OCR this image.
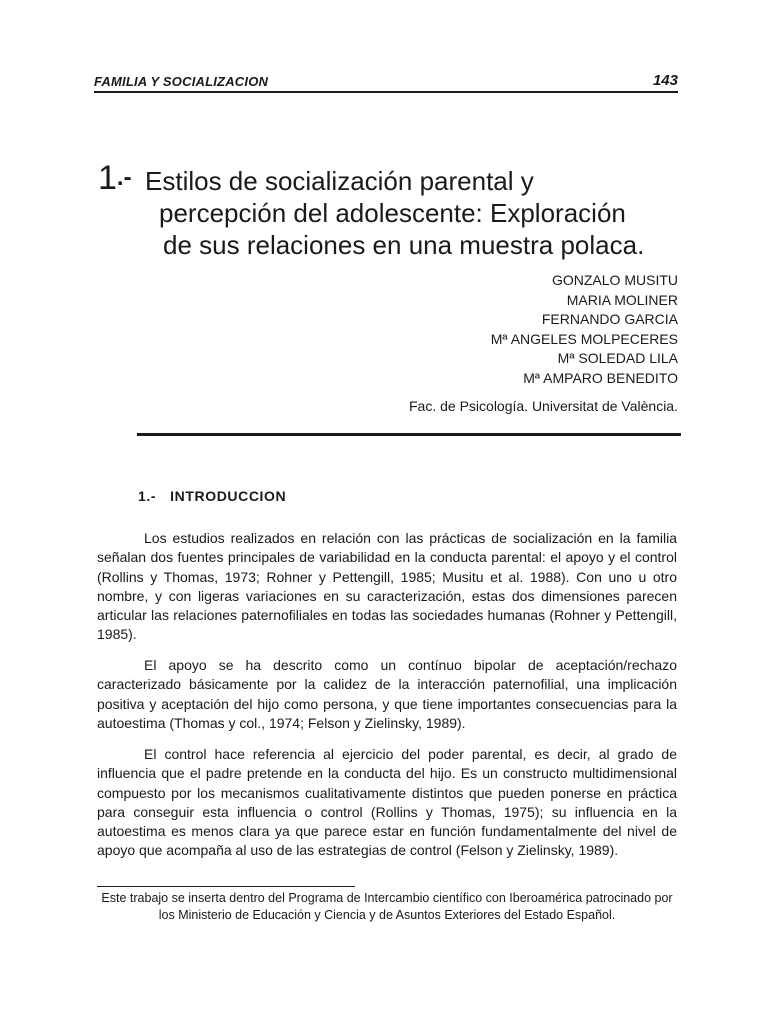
FAMILIA Y SOCIALIZACION	143
1.- Estilos de socialización parental y
percepción del adolescente: Exploración
de sus relaciones en una muestra polaca.
GONZALO MUSITU
MARIA MOLINER
FERNANDO GARCIA
Mª ANGELES MOLPECERES
Mª SOLEDAD LILA
Mª AMPARO BENEDITO
Fac. de Psicología. Universitat de València.
1.- INTRODUCCION

Los estudios realizados en relación con las prácticas de socialización en la familia señalan dos fuentes principales de variabilidad en la conducta parental: el apoyo y el control (Rollins y Thomas, 1973; Rohner y Pettengill, 1985; Musitu et al. 1988). Con uno u otro nombre, y con ligeras variaciones en su caracterización, estas dos dimensiones parecen articular las relaciones paternofiliales en todas las sociedades humanas (Rohner y Pettengill, 1985).

El apoyo se ha descrito como un contínuo bipolar de aceptación/rechazo caracterizado básicamente por la calidez de la interacción paternofilial, una implicación positiva y aceptación del hijo como persona, y que tiene importantes consecuencias para la autoestima (Thomas y col., 1974; Felson y Zielinsky, 1989).

El control hace referencia al ejercicio del poder parental, es decir, al grado de influencia que el padre pretende en la conducta del hijo. Es un constructo multidimensional compuesto por los mecanismos cualitativamente distintos que pueden ponerse en práctica para conseguir esta influencia o control (Rollins y Thomas, 1975); su influencia en la autoestima es menos clara ya que parece estar en función fundamentalmente del nivel de apoyo que acompaña al uso de las estrategias de control (Felson y Zielinsky, 1989).

Este trabajo se inserta dentro del Programa de Intercambio científico con Iberoamérica patrocinado por los Ministerio de Educación y Ciencia y de Asuntos Exteriores del Estado Español.
